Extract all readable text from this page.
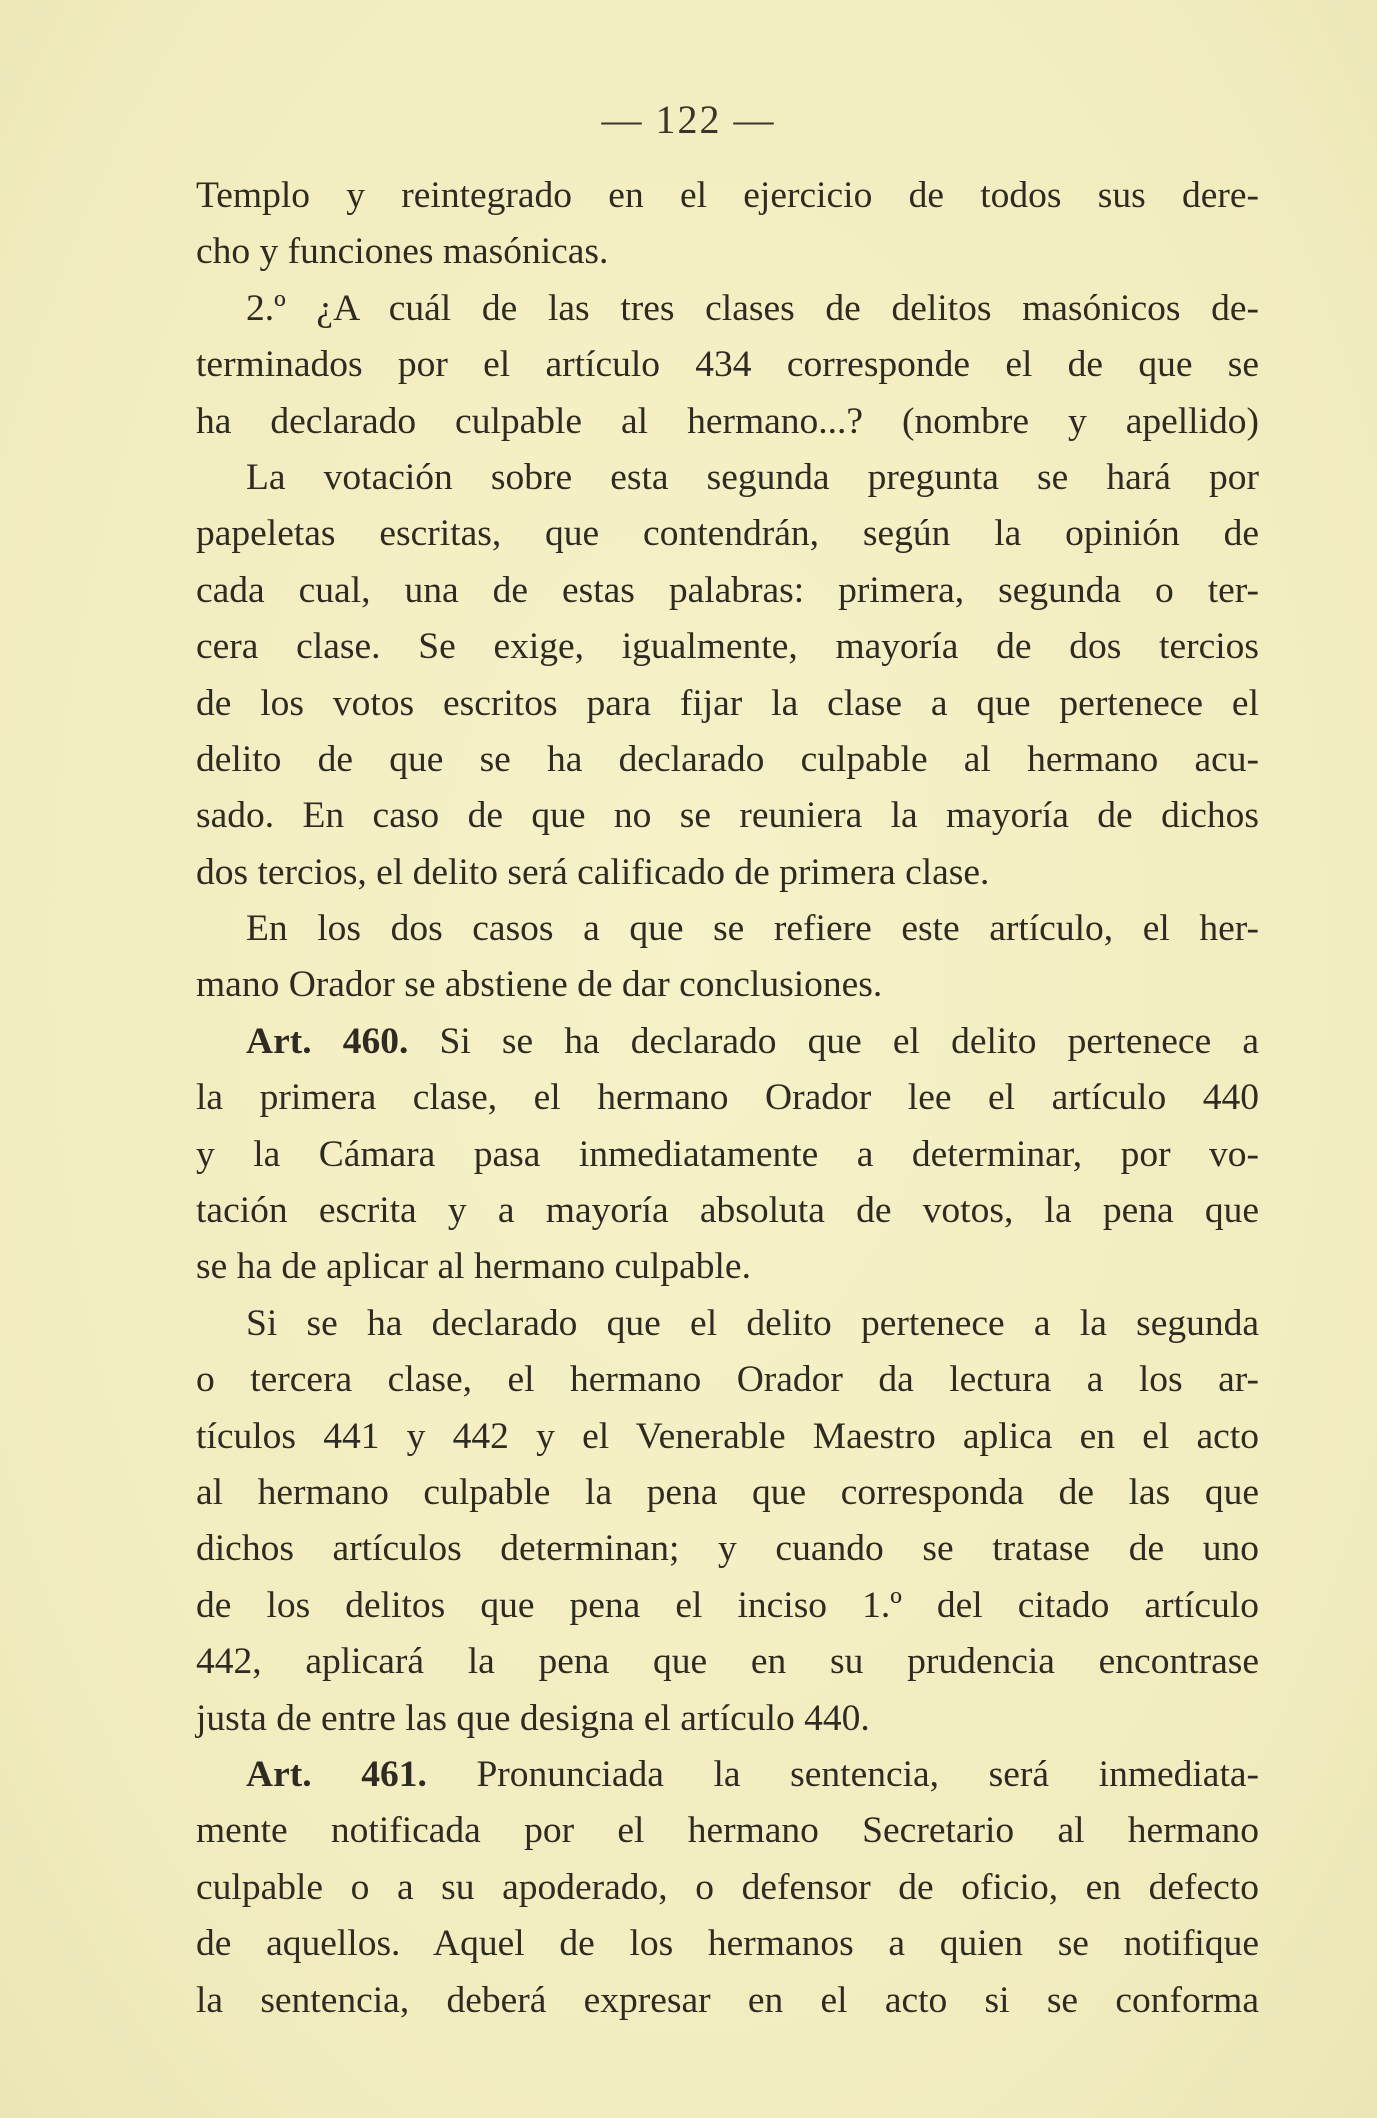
— 122 —
Templo y reintegrado en el ejercicio de todos sus dere-
cho y funciones masónicas.
2.º ¿A cuál de las tres clases de delitos masónicos de-
terminados por el artículo 434 corresponde el de que se
ha declarado culpable al hermano...? (nombre y apellido)
La votación sobre esta segunda pregunta se hará por
papeletas escritas, que contendrán, según la opinión de
cada cual, una de estas palabras: primera, segunda o ter-
cera clase. Se exige, igualmente, mayoría de dos tercios
de los votos escritos para fijar la clase a que pertenece el
delito de que se ha declarado culpable al hermano acu-
sado. En caso de que no se reuniera la mayoría de dichos
dos tercios, el delito será calificado de primera clase.
En los dos casos a que se refiere este artículo, el her-
mano Orador se abstiene de dar conclusiones.
Art. 460. Si se ha declarado que el delito pertenece a
la primera clase, el hermano Orador lee el artículo 440
y la Cámara pasa inmediatamente a determinar, por vo-
tación escrita y a mayoría absoluta de votos, la pena que
se ha de aplicar al hermano culpable.
Si se ha declarado que el delito pertenece a la segunda
o tercera clase, el hermano Orador da lectura a los ar-
tículos 441 y 442 y el Venerable Maestro aplica en el acto
al hermano culpable la pena que corresponda de las que
dichos artículos determinan; y cuando se tratase de uno
de los delitos que pena el inciso 1.º del citado artículo
442, aplicará la pena que en su prudencia encontrase
justa de entre las que designa el artículo 440.
Art. 461. Pronunciada la sentencia, será inmediata-
mente notificada por el hermano Secretario al hermano
culpable o a su apoderado, o defensor de oficio, en defecto
de aquellos. Aquel de los hermanos a quien se notifique
la sentencia, deberá expresar en el acto si se conforma
